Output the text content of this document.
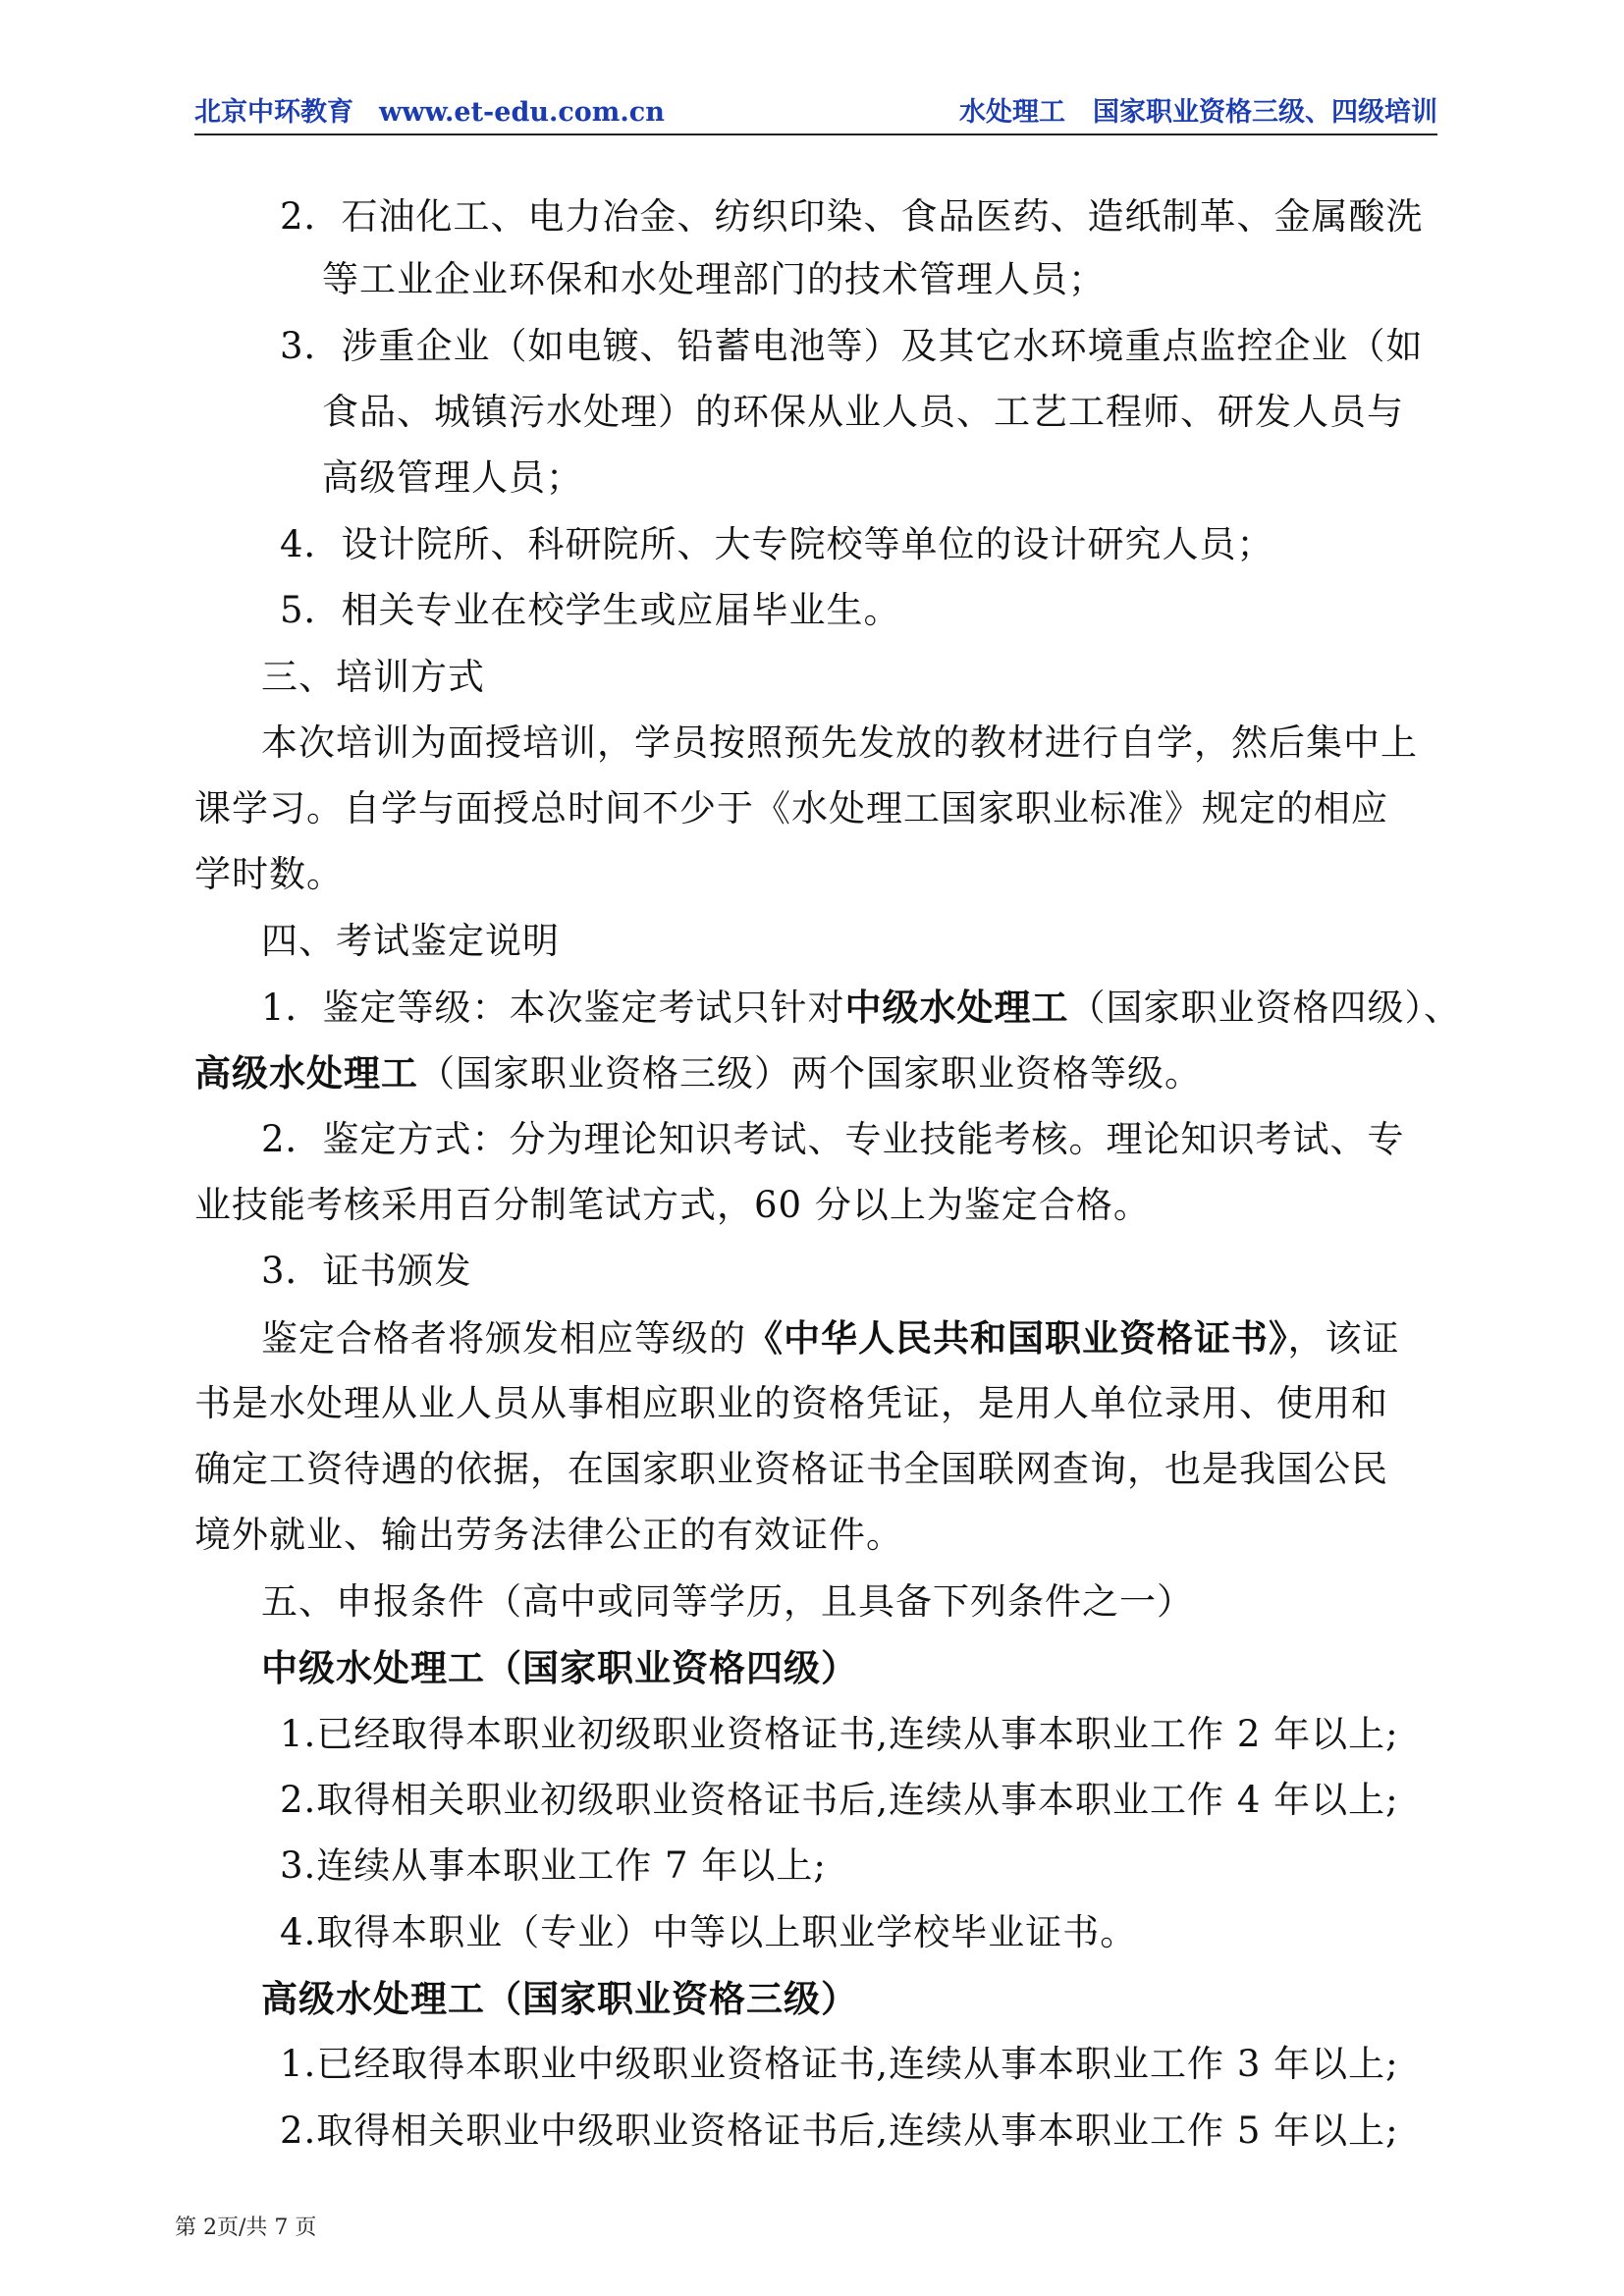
北京中环教育 www.et-edu.com.cn	水处理工 国家职业资格三级、四级培训
2．石油化工、电力冶金、纺织印染、食品医药、造纸制革、金属酸洗
等工业企业环保和水处理部门的技术管理人员；
3．涉重企业（如电镀、铅蓄电池等）及其它水环境重点监控企业（如
食品、城镇污水处理）的环保从业人员、工艺工程师、研发人员与
高级管理人员；
4．设计院所、科研院所、大专院校等单位的设计研究人员；
5．相关专业在校学生或应届毕业生。
三、培训方式
本次培训为面授培训，学员按照预先发放的教材进行自学，然后集中上
课学习。自学与面授总时间不少于《水处理工国家职业标准》规定的相应
学时数。
四、考试鉴定说明
1．鉴定等级：本次鉴定考试只针对中级水处理工（国家职业资格四级）、
高级水处理工（国家职业资格三级）两个国家职业资格等级。
2．鉴定方式：分为理论知识考试、专业技能考核。理论知识考试、专
业技能考核采用百分制笔试方式，60 分以上为鉴定合格。
3．证书颁发
鉴定合格者将颁发相应等级的《中华人民共和国职业资格证书》，该证
书是水处理从业人员从事相应职业的资格凭证，是用人单位录用、使用和
确定工资待遇的依据，在国家职业资格证书全国联网查询，也是我国公民
境外就业、输出劳务法律公正的有效证件。
五、申报条件（高中或同等学历，且具备下列条件之一）
中级水处理工（国家职业资格四级）
1.已经取得本职业初级职业资格证书,连续从事本职业工作 2 年以上;
2.取得相关职业初级职业资格证书后,连续从事本职业工作 4 年以上;
3.连续从事本职业工作 7 年以上;
4.取得本职业（专业）中等以上职业学校毕业证书。
高级水处理工（国家职业资格三级）
1.已经取得本职业中级职业资格证书,连续从事本职业工作 3 年以上;
2.取得相关职业中级职业资格证书后,连续从事本职业工作 5 年以上;
第 2页/共 7 页
